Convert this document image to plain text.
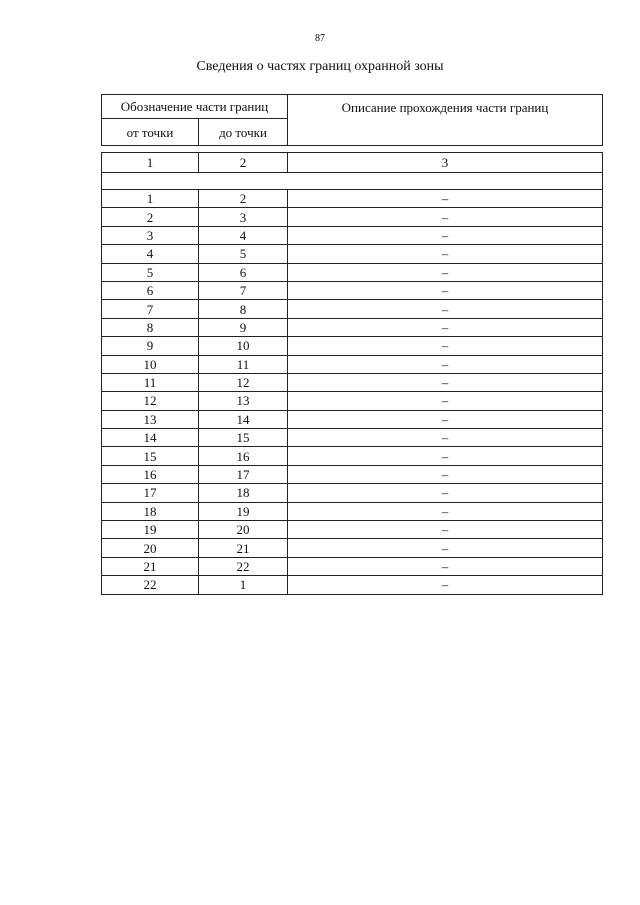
87
Сведения о частях границ охранной зоны
Обозначение части границ		Описание прохождения части границ
от точки	до точки	

1	2	3

1	2	–
2	3	–
3	4	–
4	5	–
5	6	–
6	7	–
7	8	–
8	9	–
9	10	–
10	11	–
11	12	–
12	13	–
13	14	–
14	15	–
15	16	–
16	17	–
17	18	–
18	19	–
19	20	–
20	21	–
21	22	–
22	1	–
